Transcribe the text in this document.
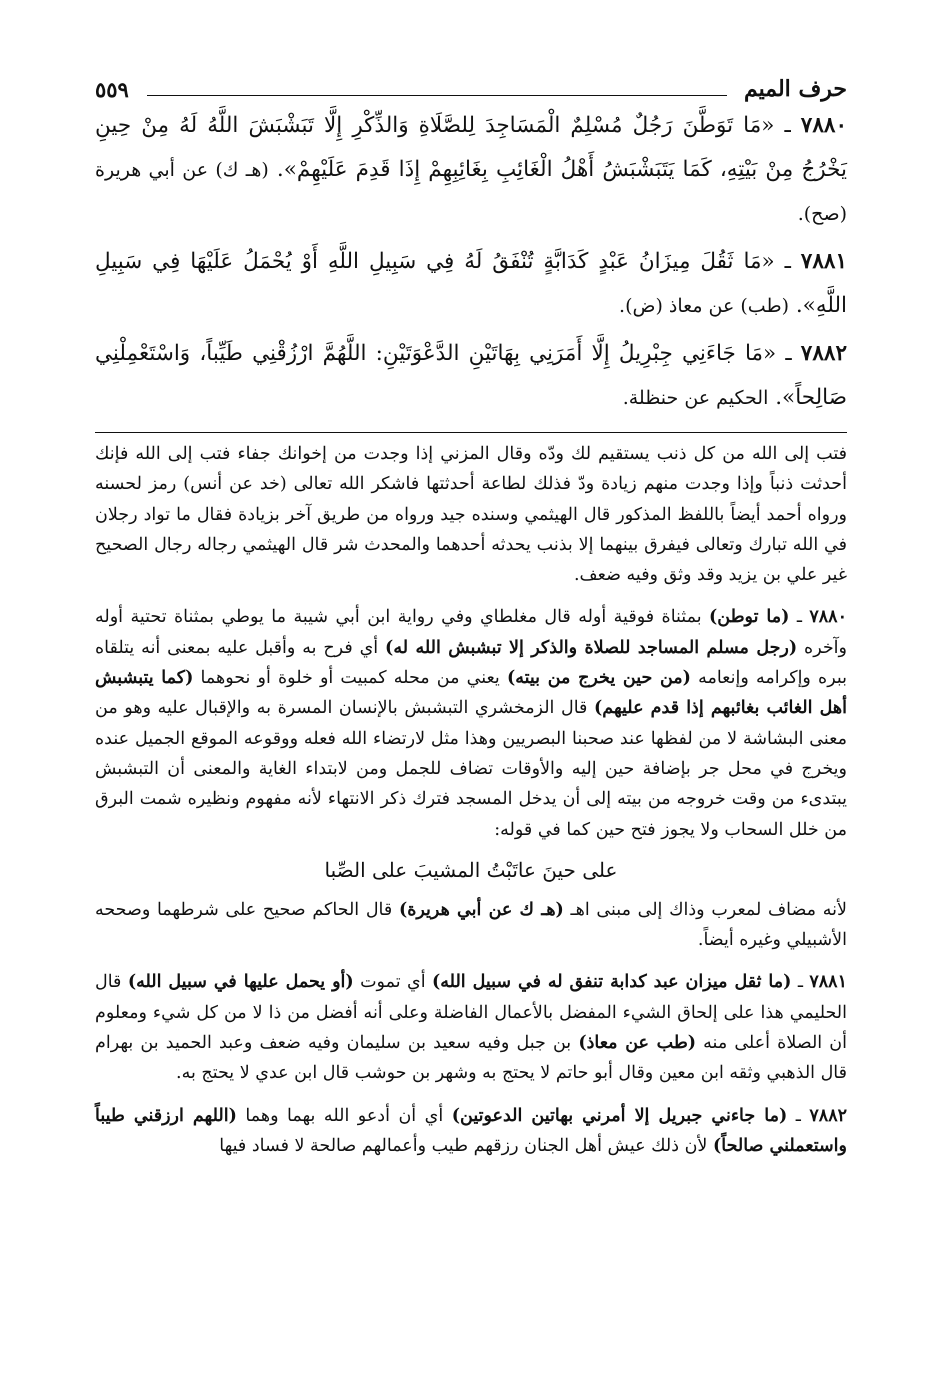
حرف الميم
٥٥٩

٧٨٨٠ ـ «مَا تَوَطَّنَ رَجُلٌ مُسْلِمٌ الْمَسَاجِدَ لِلصَّلَاةِ وَالذِّكْرِ إِلَّا تَبَشْبَشَ اللَّهُ لَهُ مِنْ حِينِ يَخْرُجُ مِنْ بَيْتِهِ، كَمَا يَتَبَشْبَشُ أَهْلُ الْغَائِبِ بِغَائِبِهِمْ إِذَا قَدِمَ عَلَيْهِمْ». (هـ ك) عن أبي هريرة (صح).

٧٨٨١ ـ «مَا ثَقُلَ مِيزَانُ عَبْدٍ كَدَابَّةٍ تُنْفَقُ لَهُ فِي سَبِيلِ اللَّهِ أَوْ يُحْمَلُ عَلَيْهَا فِي سَبِيلِ اللَّهِ». (طب) عن معاذ (ض).

٧٨٨٢ ـ «مَا جَاءَنِي جِبْرِيلُ إِلَّا أَمَرَنِي بِهَاتَيْنِ الدَّعْوَتَيْنِ: اللَّهُمَّ ارْزُقْنِي طَيِّباً، وَاسْتَعْمِلْنِي صَالِحاً». الحكيم عن حنظلة.

فتب إلى الله من كل ذنب يستقيم لك ودّه وقال المزني إذا وجدت من إخوانك جفاء فتب إلى الله فإنك أحدثت ذنباً وإذا وجدت منهم زيادة ودّ فذلك لطاعة أحدثتها فاشكر الله تعالى (خد عن أنس) رمز لحسنه ورواه أحمد أيضاً باللفظ المذكور قال الهيثمي وسنده جيد ورواه من طريق آخر بزيادة فقال ما تواد رجلان في الله تبارك وتعالى فيفرق بينهما إلا بذنب يحدثه أحدهما والمحدث شر قال الهيثمي رجاله رجال الصحيح غير علي بن يزيد وقد وثق وفيه ضعف.

٧٨٨٠ ـ (ما توطن) بمثناة فوقية أوله قال مغلطاي وفي رواية ابن أبي شيبة ما يوطي بمثناة تحتية أوله وآخره (رجل مسلم المساجد للصلاة والذكر إلا تبشبش الله له) أي فرح به وأقبل عليه بمعنى أنه يتلقاه ببره وإكرامه وإنعامه (من حين يخرج من بيته) يعني من محله كمبيت أو خلوة أو نحوهما (كما يتبشبش أهل الغائب بغائبهم إذا قدم عليهم) قال الزمخشري التبشبش بالإنسان المسرة به والإقبال عليه وهو من معنى البشاشة لا من لفظها عند صحبنا البصريين وهذا مثل لارتضاء الله فعله ووقوعه الموقع الجميل عنده ويخرج في محل جر بإضافة حين إليه والأوقات تضاف للجمل ومن لابتداء الغاية والمعنى أن التبشبش يبتدىء من وقت خروجه من بيته إلى أن يدخل المسجد فترك ذكر الانتهاء لأنه مفهوم ونظيره شمت البرق من خلل السحاب ولا يجوز فتح حين كما في قوله:

على حينَ عاتَبْتُ المشيبَ على الصِّبا

لأنه مضاف لمعرب وذاك إلى مبنى اهـ (هـ ك عن أبي هريرة) قال الحاكم صحيح على شرطهما وصححه الأشبيلي وغيره أيضاً.

٧٨٨١ ـ (ما ثقل ميزان عبد كدابة تنفق له في سبيل الله) أي تموت (أو يحمل عليها في سبيل الله) قال الحليمي هذا على إلحاق الشيء المفضل بالأعمال الفاضلة وعلى أنه أفضل من ذا لا من كل شيء ومعلوم أن الصلاة أعلى منه (طب عن معاذ) بن جبل وفيه سعيد بن سليمان وفيه ضعف وعبد الحميد بن بهرام قال الذهبي وثقه ابن معين وقال أبو حاتم لا يحتج به وشهر بن حوشب قال ابن عدي لا يحتج به.

٧٨٨٢ ـ (ما جاءني جبريل إلا أمرني بهاتين الدعوتين) أي أن أدعو الله بهما وهما (اللهم ارزقني طيباً واستعملني صالحاً) لأن ذلك عيش أهل الجنان رزقهم طيب وأعمالهم صالحة لا فساد فيها
